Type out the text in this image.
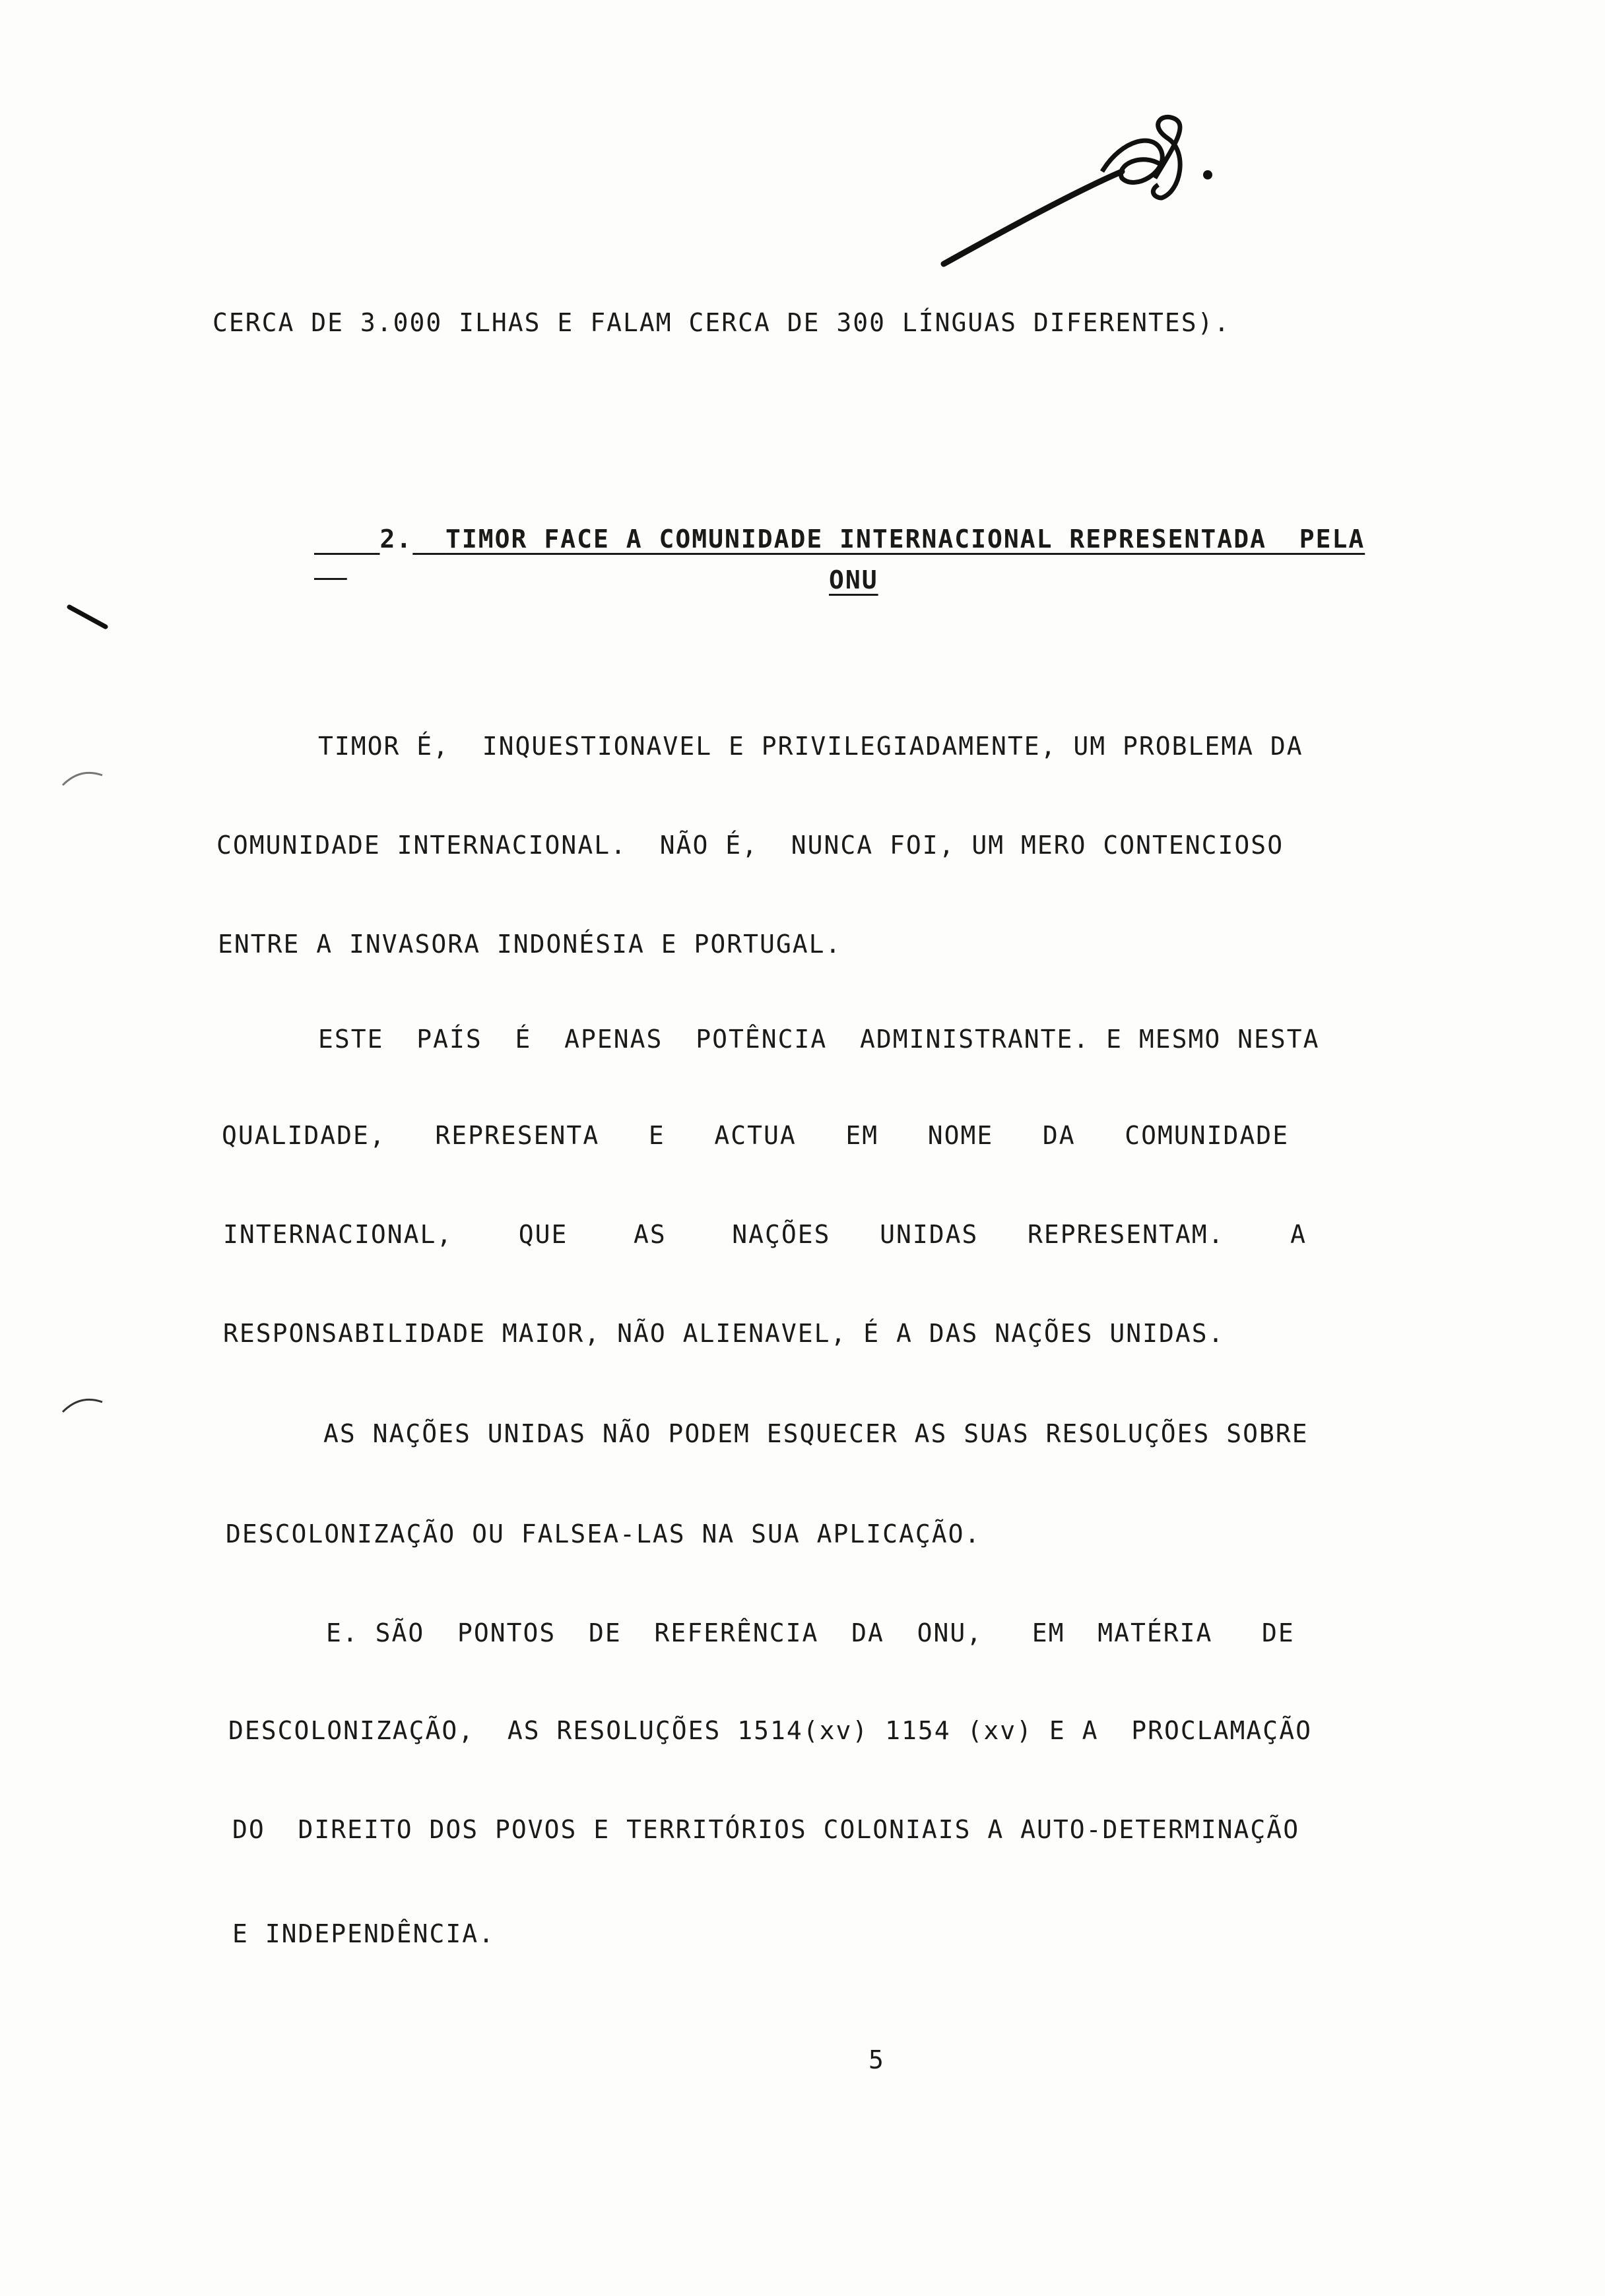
CERCA DE 3.000 ILHAS E FALAM CERCA DE 300 LÍNGUAS DIFERENTES).

2. TIMOR FACE A COMUNIDADE INTERNACIONAL REPRESENTADA  PELA

ONU
TIMOR É,  INQUESTIONAVEL E PRIVILEGIADAMENTE, UM PROBLEMA DA
COMUNIDADE INTERNACIONAL.  NÃO É,  NUNCA FOI, UM MERO CONTENCIOSO
ENTRE A INVASORA INDONÉSIA E PORTUGAL.
ESTE  PAÍS  É  APENAS  POTÊNCIA  ADMINISTRANTE. E MESMO NESTA
QUALIDADE,   REPRESENTA   E   ACTUA   EM   NOME   DA   COMUNIDADE
INTERNACIONAL,    QUE    AS    NAÇÕES   UNIDAS   REPRESENTAM.    A
RESPONSABILIDADE MAIOR, NÃO ALIENAVEL, É A DAS NAÇÕES UNIDAS.
AS NAÇÕES UNIDAS NÃO PODEM ESQUECER AS SUAS RESOLUÇÕES SOBRE
DESCOLONIZAÇÃO OU FALSEA-LAS NA SUA APLICAÇÃO.
E. SÃO  PONTOS  DE  REFERÊNCIA  DA  ONU,   EM  MATÉRIA   DE
DESCOLONIZAÇÃO,  AS RESOLUÇÕES 1514(xv) 1154 (xv) E A  PROCLAMAÇÃO
DO  DIREITO DOS POVOS E TERRITÓRIOS COLONIAIS A AUTO-DETERMINAÇÃO
E INDEPENDÊNCIA.
5
